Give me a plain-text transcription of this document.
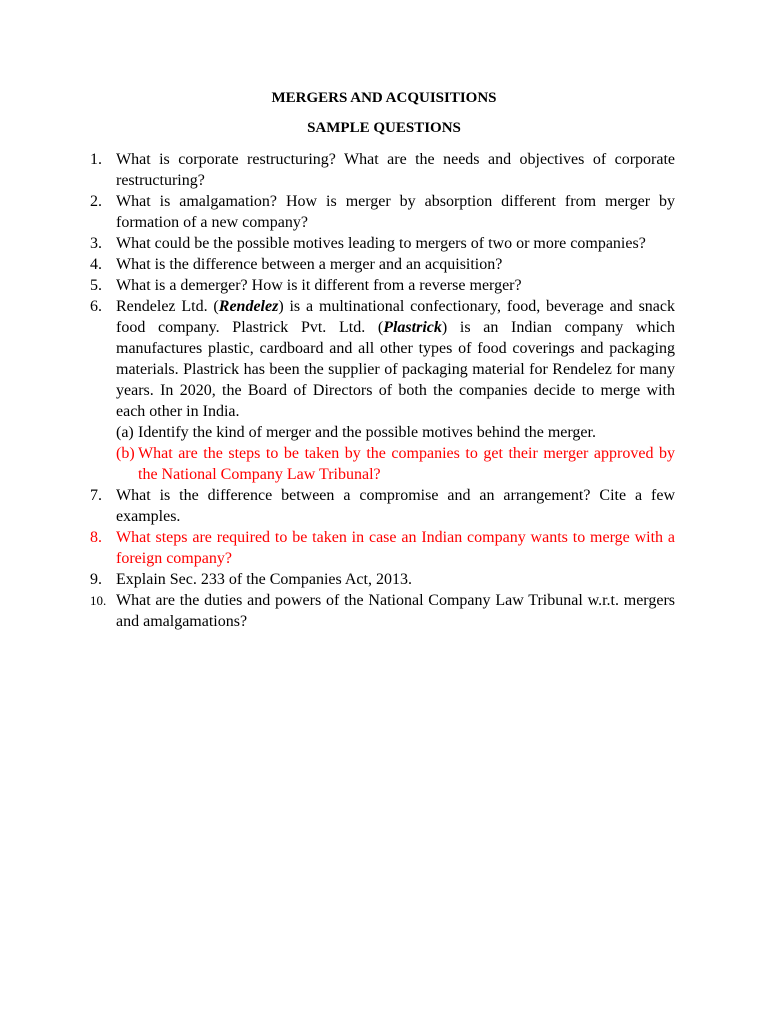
MERGERS AND ACQUISITIONS
SAMPLE QUESTIONS
1. What is corporate restructuring? What are the needs and objectives of corporate restructuring?
2. What is amalgamation? How is merger by absorption different from merger by formation of a new company?
3. What could be the possible motives leading to mergers of two or more companies?
4. What is the difference between a merger and an acquisition?
5. What is a demerger? How is it different from a reverse merger?
6. Rendelez Ltd. (Rendelez) is a multinational confectionary, food, beverage and snack food company. Plastrick Pvt. Ltd. (Plastrick) is an Indian company which manufactures plastic, cardboard and all other types of food coverings and packaging materials. Plastrick has been the supplier of packaging material for Rendelez for many years. In 2020, the Board of Directors of both the companies decide to merge with each other in India.
(a) Identify the kind of merger and the possible motives behind the merger.
(b) What are the steps to be taken by the companies to get their merger approved by the National Company Law Tribunal?
7. What is the difference between a compromise and an arrangement? Cite a few examples.
8. What steps are required to be taken in case an Indian company wants to merge with a foreign company?
9. Explain Sec. 233 of the Companies Act, 2013.
10. What are the duties and powers of the National Company Law Tribunal w.r.t. mergers and amalgamations?
